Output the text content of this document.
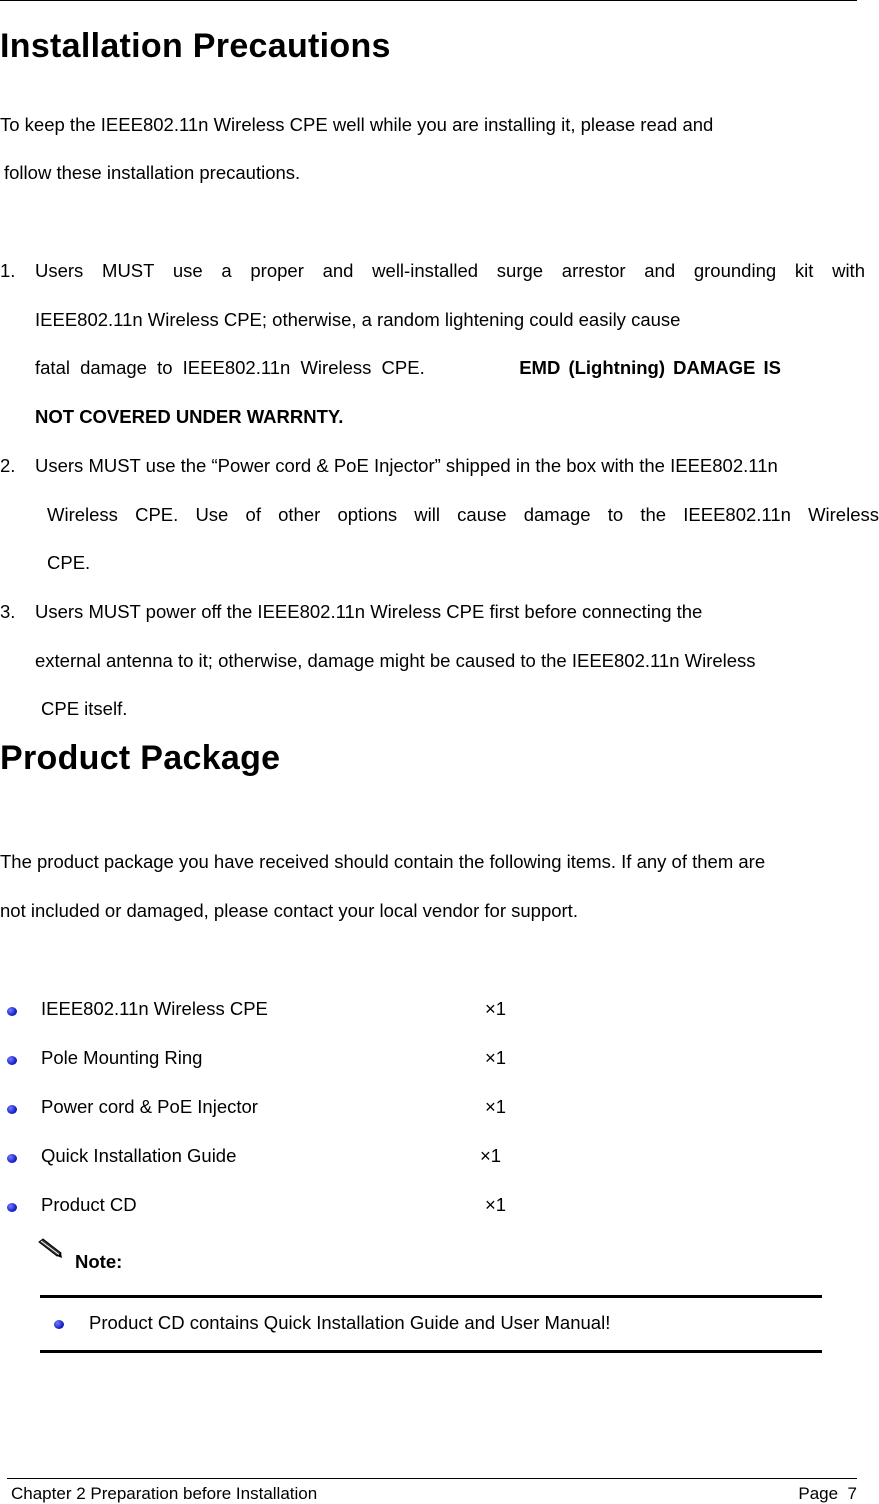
Installation Precautions
To keep the IEEE802.11n Wireless CPE well while you are installing it, please read and
follow these installation precautions.
1. Users MUST use a proper and well-installed surge arrestor and grounding kit with
IEEE802.11n Wireless CPE; otherwise, a random lightening could easily cause
fatal damage to IEEE802.11n Wireless CPE.	EMD (Lightning) DAMAGE IS
NOT COVERED UNDER WARRNTY.
2. Users MUST use the “Power cord & PoE Injector” shipped in the box with the IEEE802.11n
Wireless CPE. Use of other options will cause damage to the IEEE802.11n Wireless
CPE.
3. Users MUST power off the IEEE802.11n Wireless CPE first before connecting the
external antenna to it; otherwise, damage might be caused to the IEEE802.11n Wireless
CPE itself.
Product Package
The product package you have received should contain the following items. If any of them are
not included or damaged, please contact your local vendor for support.
IEEE802.11n Wireless CPE	×1
Pole Mounting Ring	×1
Power cord & PoE Injector	×1
Quick Installation Guide	×1
Product CD	×1
Note:
Product CD contains Quick Installation Guide and User Manual!
Chapter 2 Preparation before Installation	Page 7
